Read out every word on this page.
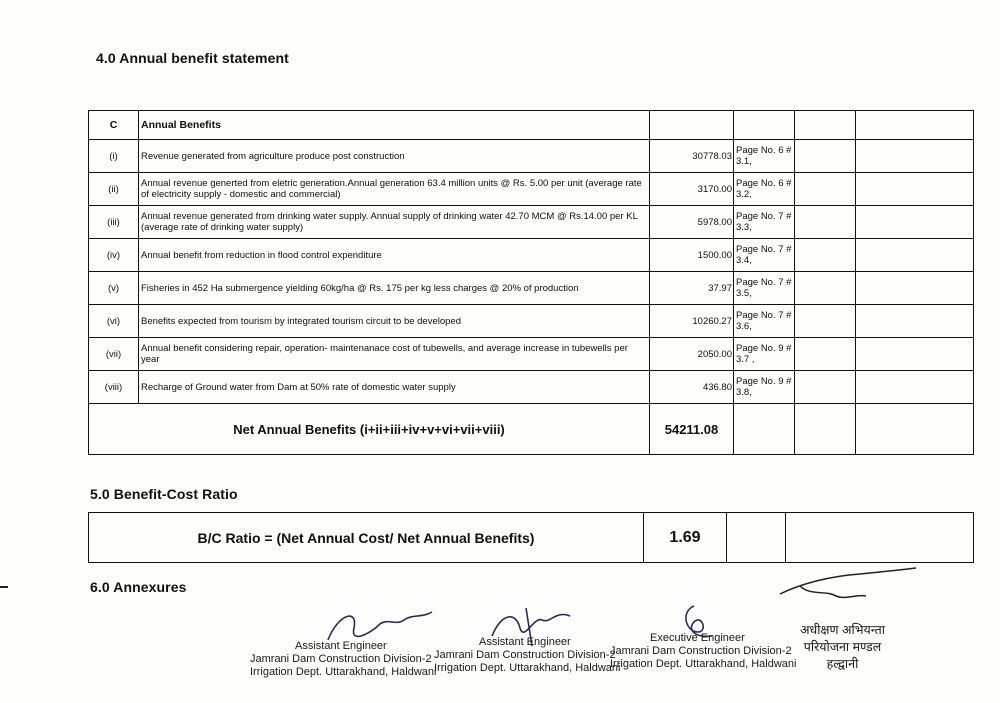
4.0 Annual benefit statement
C	Annual Benefits				
(i)	Revenue generated from agriculture produce post construction	30778.03	Page No. 6 # 3.1,		
(ii)	Annual revenue generted from eletric generation.Annual generation 63.4 million units @ Rs. 5.00 per unit (average rate of electricity supply - domestic and commercial)	3170.00	Page No. 6 # 3.2,		
(iii)	Annual revenue generated from drinking water supply. Annual supply of drinking water 42.70 MCM @ Rs.14.00 per KL (average rate of drinking water supply)	5978.00	Page No. 7 # 3.3,		
(iv)	Annual benefit from reduction in flood control expenditure	1500.00	Page No. 7 # 3.4,		
(v)	Fisheries in 452 Ha submergence yielding 60kg/ha @ Rs. 175 per kg less charges @ 20% of production	37.97	Page No. 7 # 3.5,		
(vi)	Benefits expected from tourism by integrated tourism circuit to be developed	10260.27	Page No. 7 # 3.6,		
(vii)	Annual benefit considering repair, operation- maintenanace cost of tubewells, and average increase in tubewells per year	2050.00	Page No. 9 # 3.7 ,		
(viii)	Recharge of Ground water from Dam at 50% rate of domestic water supply	436.80	Page No. 9 # 3.8,		
Net Annual Benefits (i+ii+iii+iv+v+vi+vii+viii)		54211.08			
5.0 Benefit-Cost Ratio
B/C Ratio = (Net Annual Cost/ Net Annual Benefits)	1.69		
6.0 Annexures
Assistant Engineer
Jamrani Dam Construction Division-2
Irrigation Dept. Uttarakhand, Haldwani
Assistant Engineer
Jamrani Dam Construction Division-2
Irrigation Dept. Uttarakhand, Haldwani
Executive Engineer
Jamrani Dam Construction Division-2
Irrigation Dept. Uttarakhand, Haldwani
अधीक्षण अभियन्ता
परियोजना मण्डल
हल्द्वानी
